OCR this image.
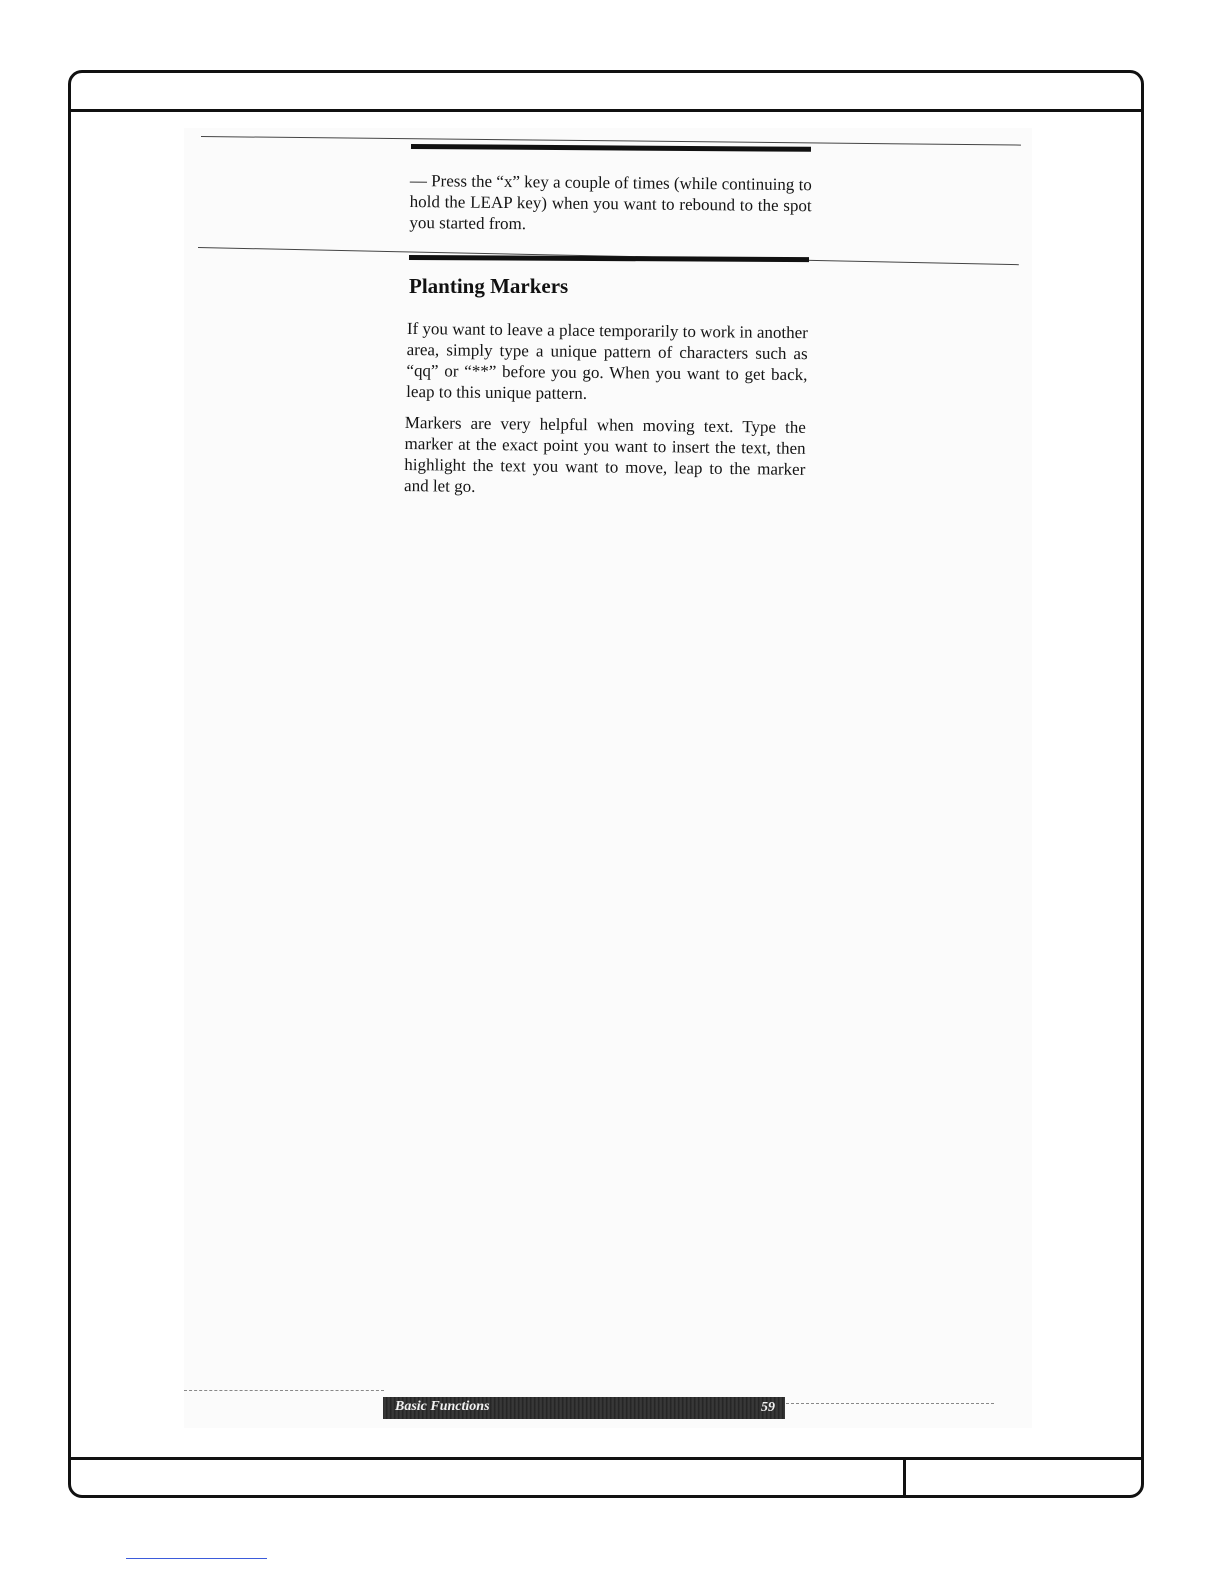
— Press the “x” key a couple of times (while continuing to hold the LEAP key) when you want to rebound to the spot you started from.
Planting Markers
If you want to leave a place temporarily to work in another area, simply type a unique pattern of characters such as “qq” or “**” before you go. When you want to get back, leap to this unique pattern.
Markers are very helpful when moving text. Type the marker at the exact point you want to insert the text, then highlight the text you want to move, leap to the marker and let go.
Basic Functions	59
